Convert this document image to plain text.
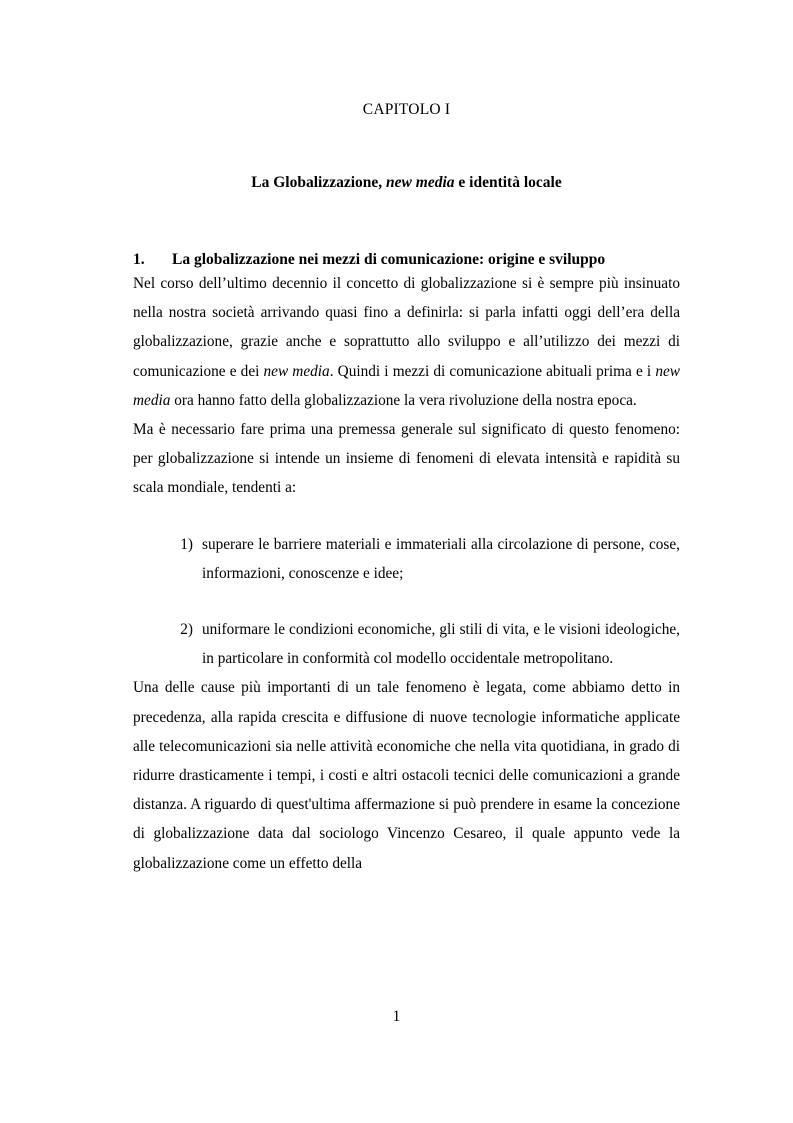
CAPITOLO I
La Globalizzazione, new media e identità locale
1.	La globalizzazione nei mezzi di comunicazione: origine e sviluppo

Nel corso dell’ultimo decennio il concetto di globalizzazione si è sempre più insinuato nella nostra società arrivando quasi fino a definirla: si parla infatti oggi dell’era della globalizzazione, grazie anche e soprattutto allo sviluppo e all’utilizzo dei mezzi di comunicazione e dei new media. Quindi i mezzi di comunicazione abituali prima e i new media ora hanno fatto della globalizzazione la vera rivoluzione della nostra epoca.

Ma è necessario fare prima una premessa generale sul significato di questo fenomeno: per globalizzazione si intende un insieme di fenomeni di elevata intensità e rapidità su scala mondiale, tendenti a:

1) superare le barriere materiali e immateriali alla circolazione di persone, cose, informazioni, conoscenze e idee;
2) uniformare le condizioni economiche, gli stili di vita, e le visioni ideologiche, in particolare in conformità col modello occidentale metropolitano.

Una delle cause più importanti di un tale fenomeno è legata, come abbiamo detto in precedenza, alla rapida crescita e diffusione di nuove tecnologie informatiche applicate alle telecomunicazioni sia nelle attività economiche che nella vita quotidiana, in grado di ridurre drasticamente i tempi, i costi e altri ostacoli tecnici delle comunicazioni a grande distanza. A riguardo di quest'ultima affermazione si può prendere in esame la concezione di globalizzazione data dal sociologo Vincenzo Cesareo, il quale appunto vede la globalizzazione come un effetto della

1
